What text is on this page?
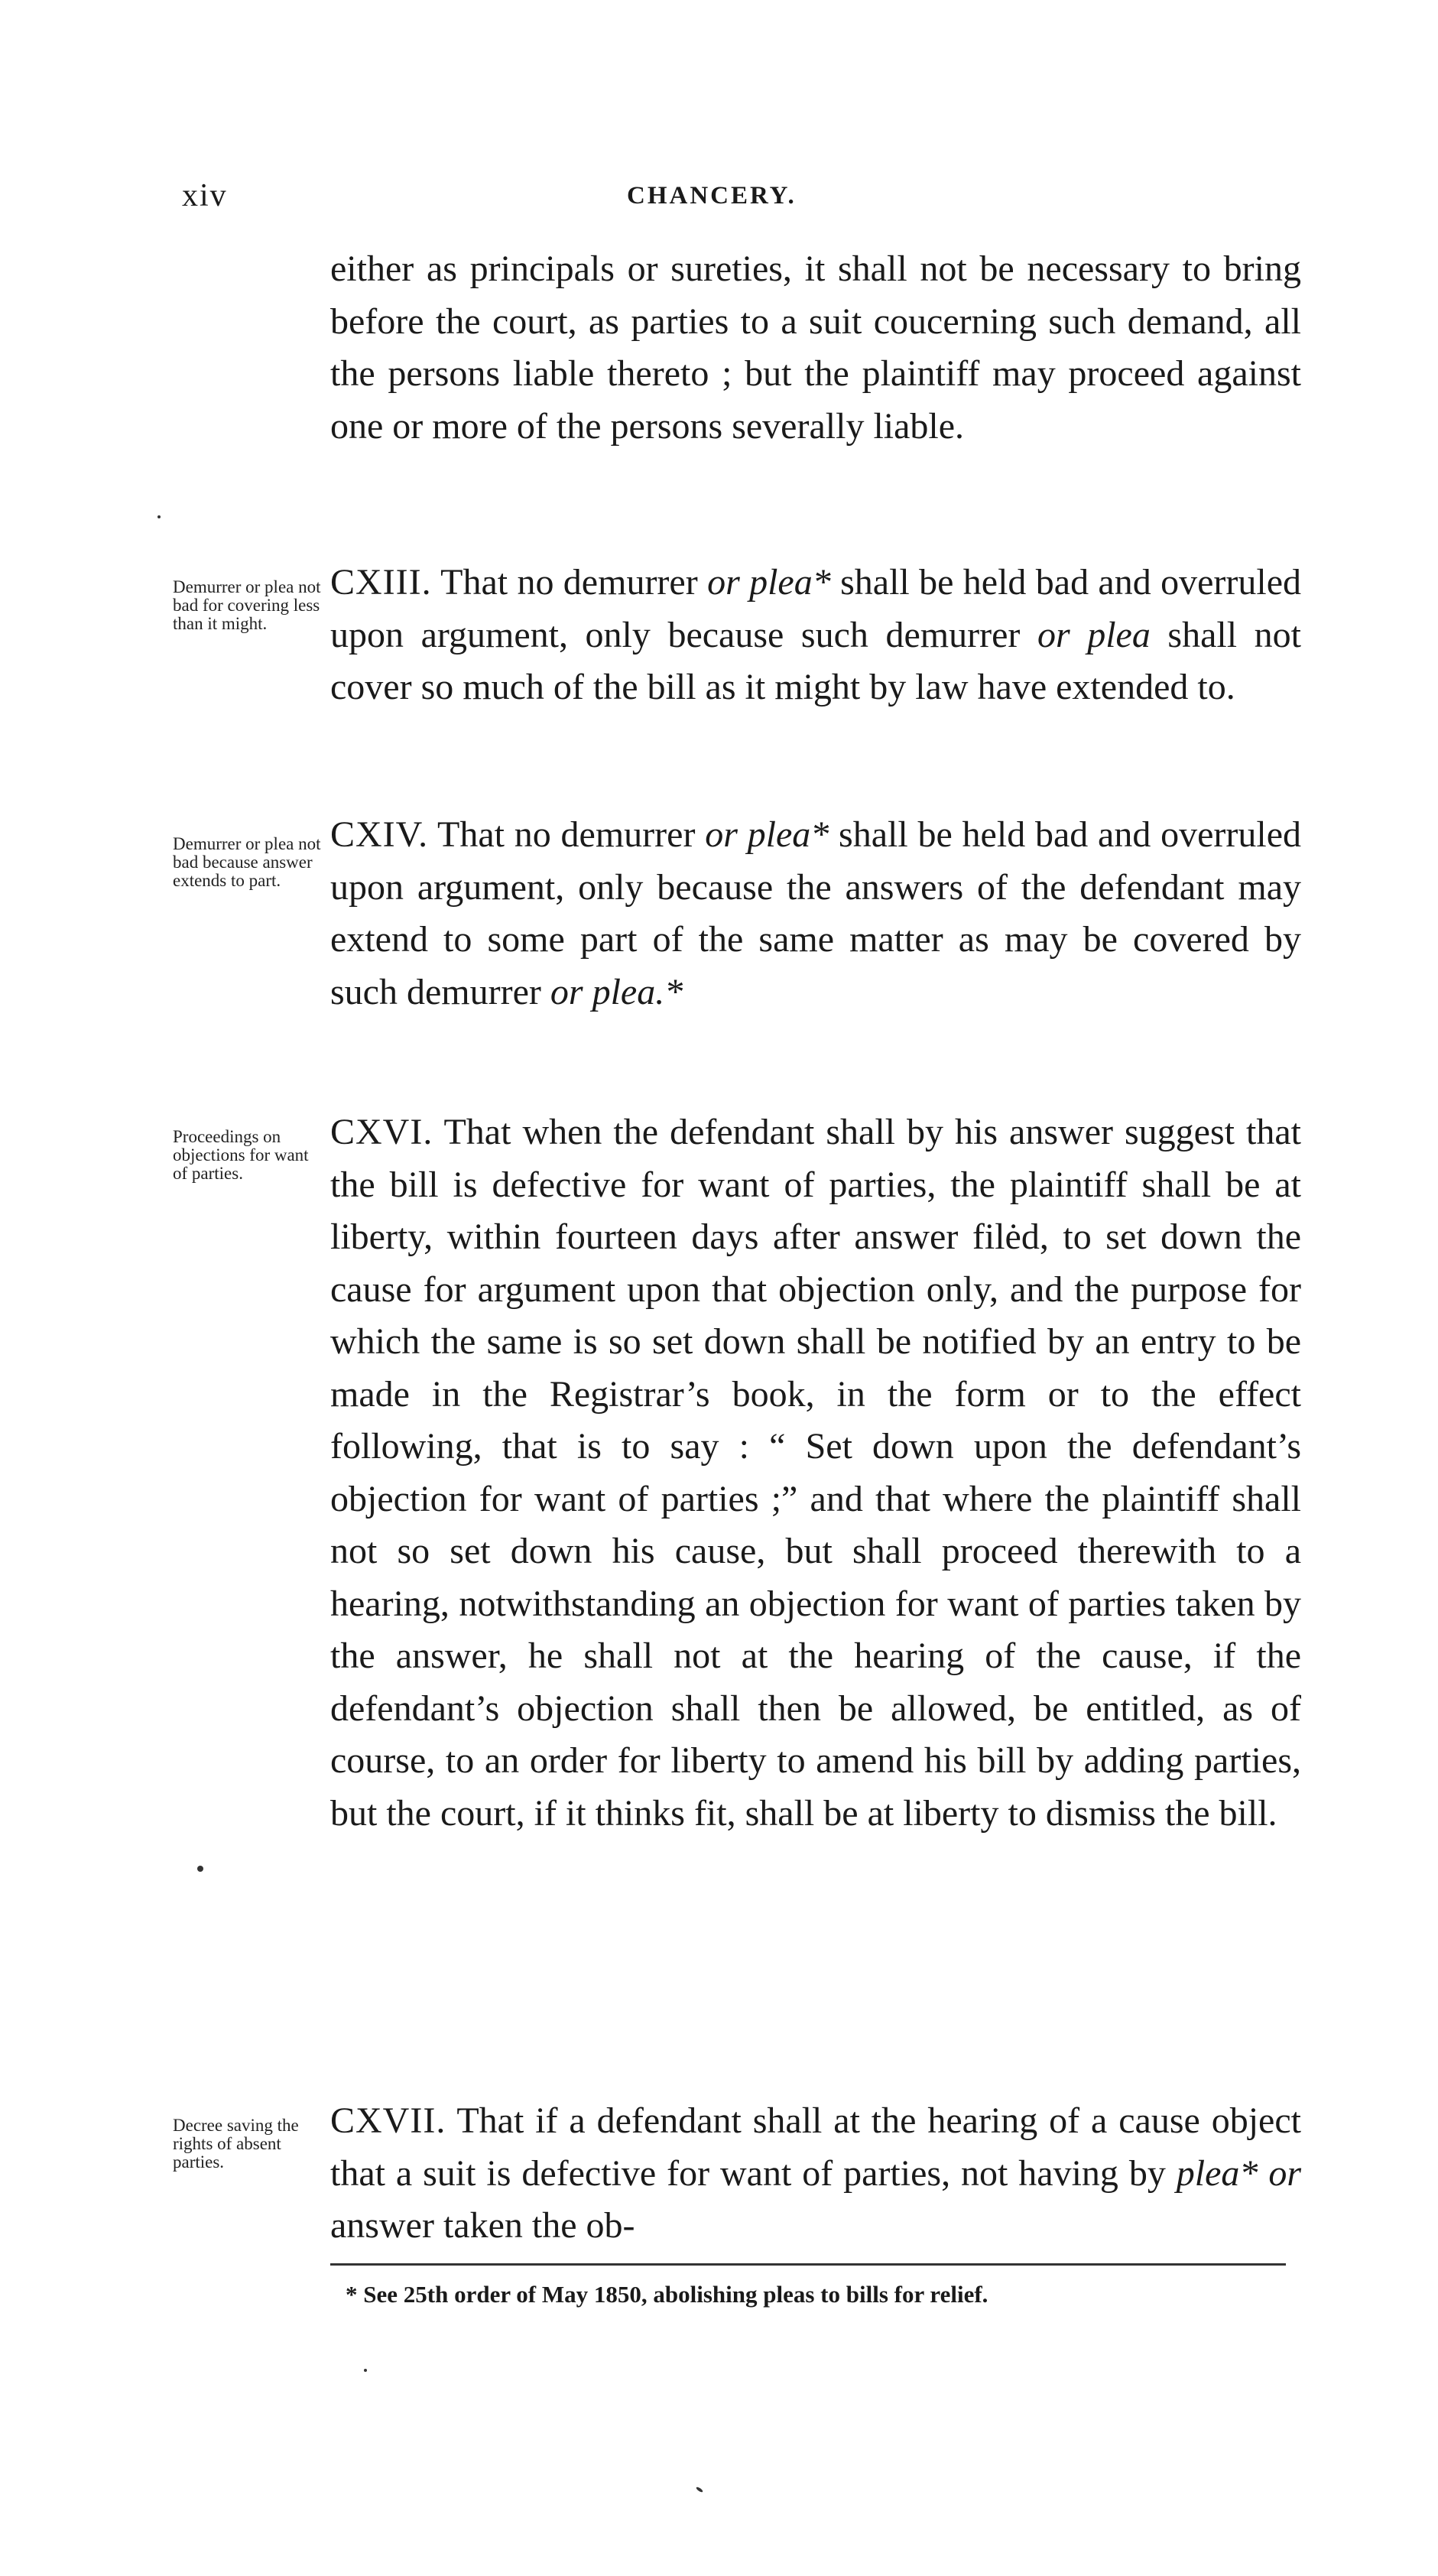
xiv	CHANCERY.

either as principals or sureties, it shall not be necessary to bring before the court, as parties to a suit coucerning such demand, all the persons liable thereto ; but the plaintiff may proceed against one or more of the persons severally liable.

Demurrer or plea not bad for covering less than it might.

CXIII. That no demurrer or plea* shall be held bad and overruled upon argument, only because such demurrer or plea shall not cover so much of the bill as it might by law have extended to.

Demurrer or plea not bad because answer extends to part.

CXIV. That no demurrer or plea* shall be held bad and overruled upon argument, only because the answers of the defendant may extend to some part of the same matter as may be covered by such demurrer or plea.*

Proceedings on objections for want of parties.

CXVI. That when the defendant shall by his answer suggest that the bill is defective for want of parties, the plaintiff shall be at liberty, within fourteen days after answer filėd, to set down the cause for argument upon that objection only, and the purpose for which the same is so set down shall be notified by an entry to be made in the Registrar’s book, in the form or to the effect following, that is to say : “ Set down upon the defendant’s objection for want of parties ;” and that where the plaintiff shall not so set down his cause, but shall proceed therewith to a hearing, notwithstanding an objection for want of parties taken by the answer, he shall not at the hearing of the cause, if the defendant’s objection shall then be allowed, be entitled, as of course, to an order for liberty to amend his bill by adding parties, but the court, if it thinks fit, shall be at liberty to dismiss the bill.

Decree saving the rights of absent parties.

CXVII. That if a defendant shall at the hearing of a cause object that a suit is defective for want of parties, not having by plea* or answer taken the ob-

* See 25th order of May 1850, abolishing pleas to bills for relief.
